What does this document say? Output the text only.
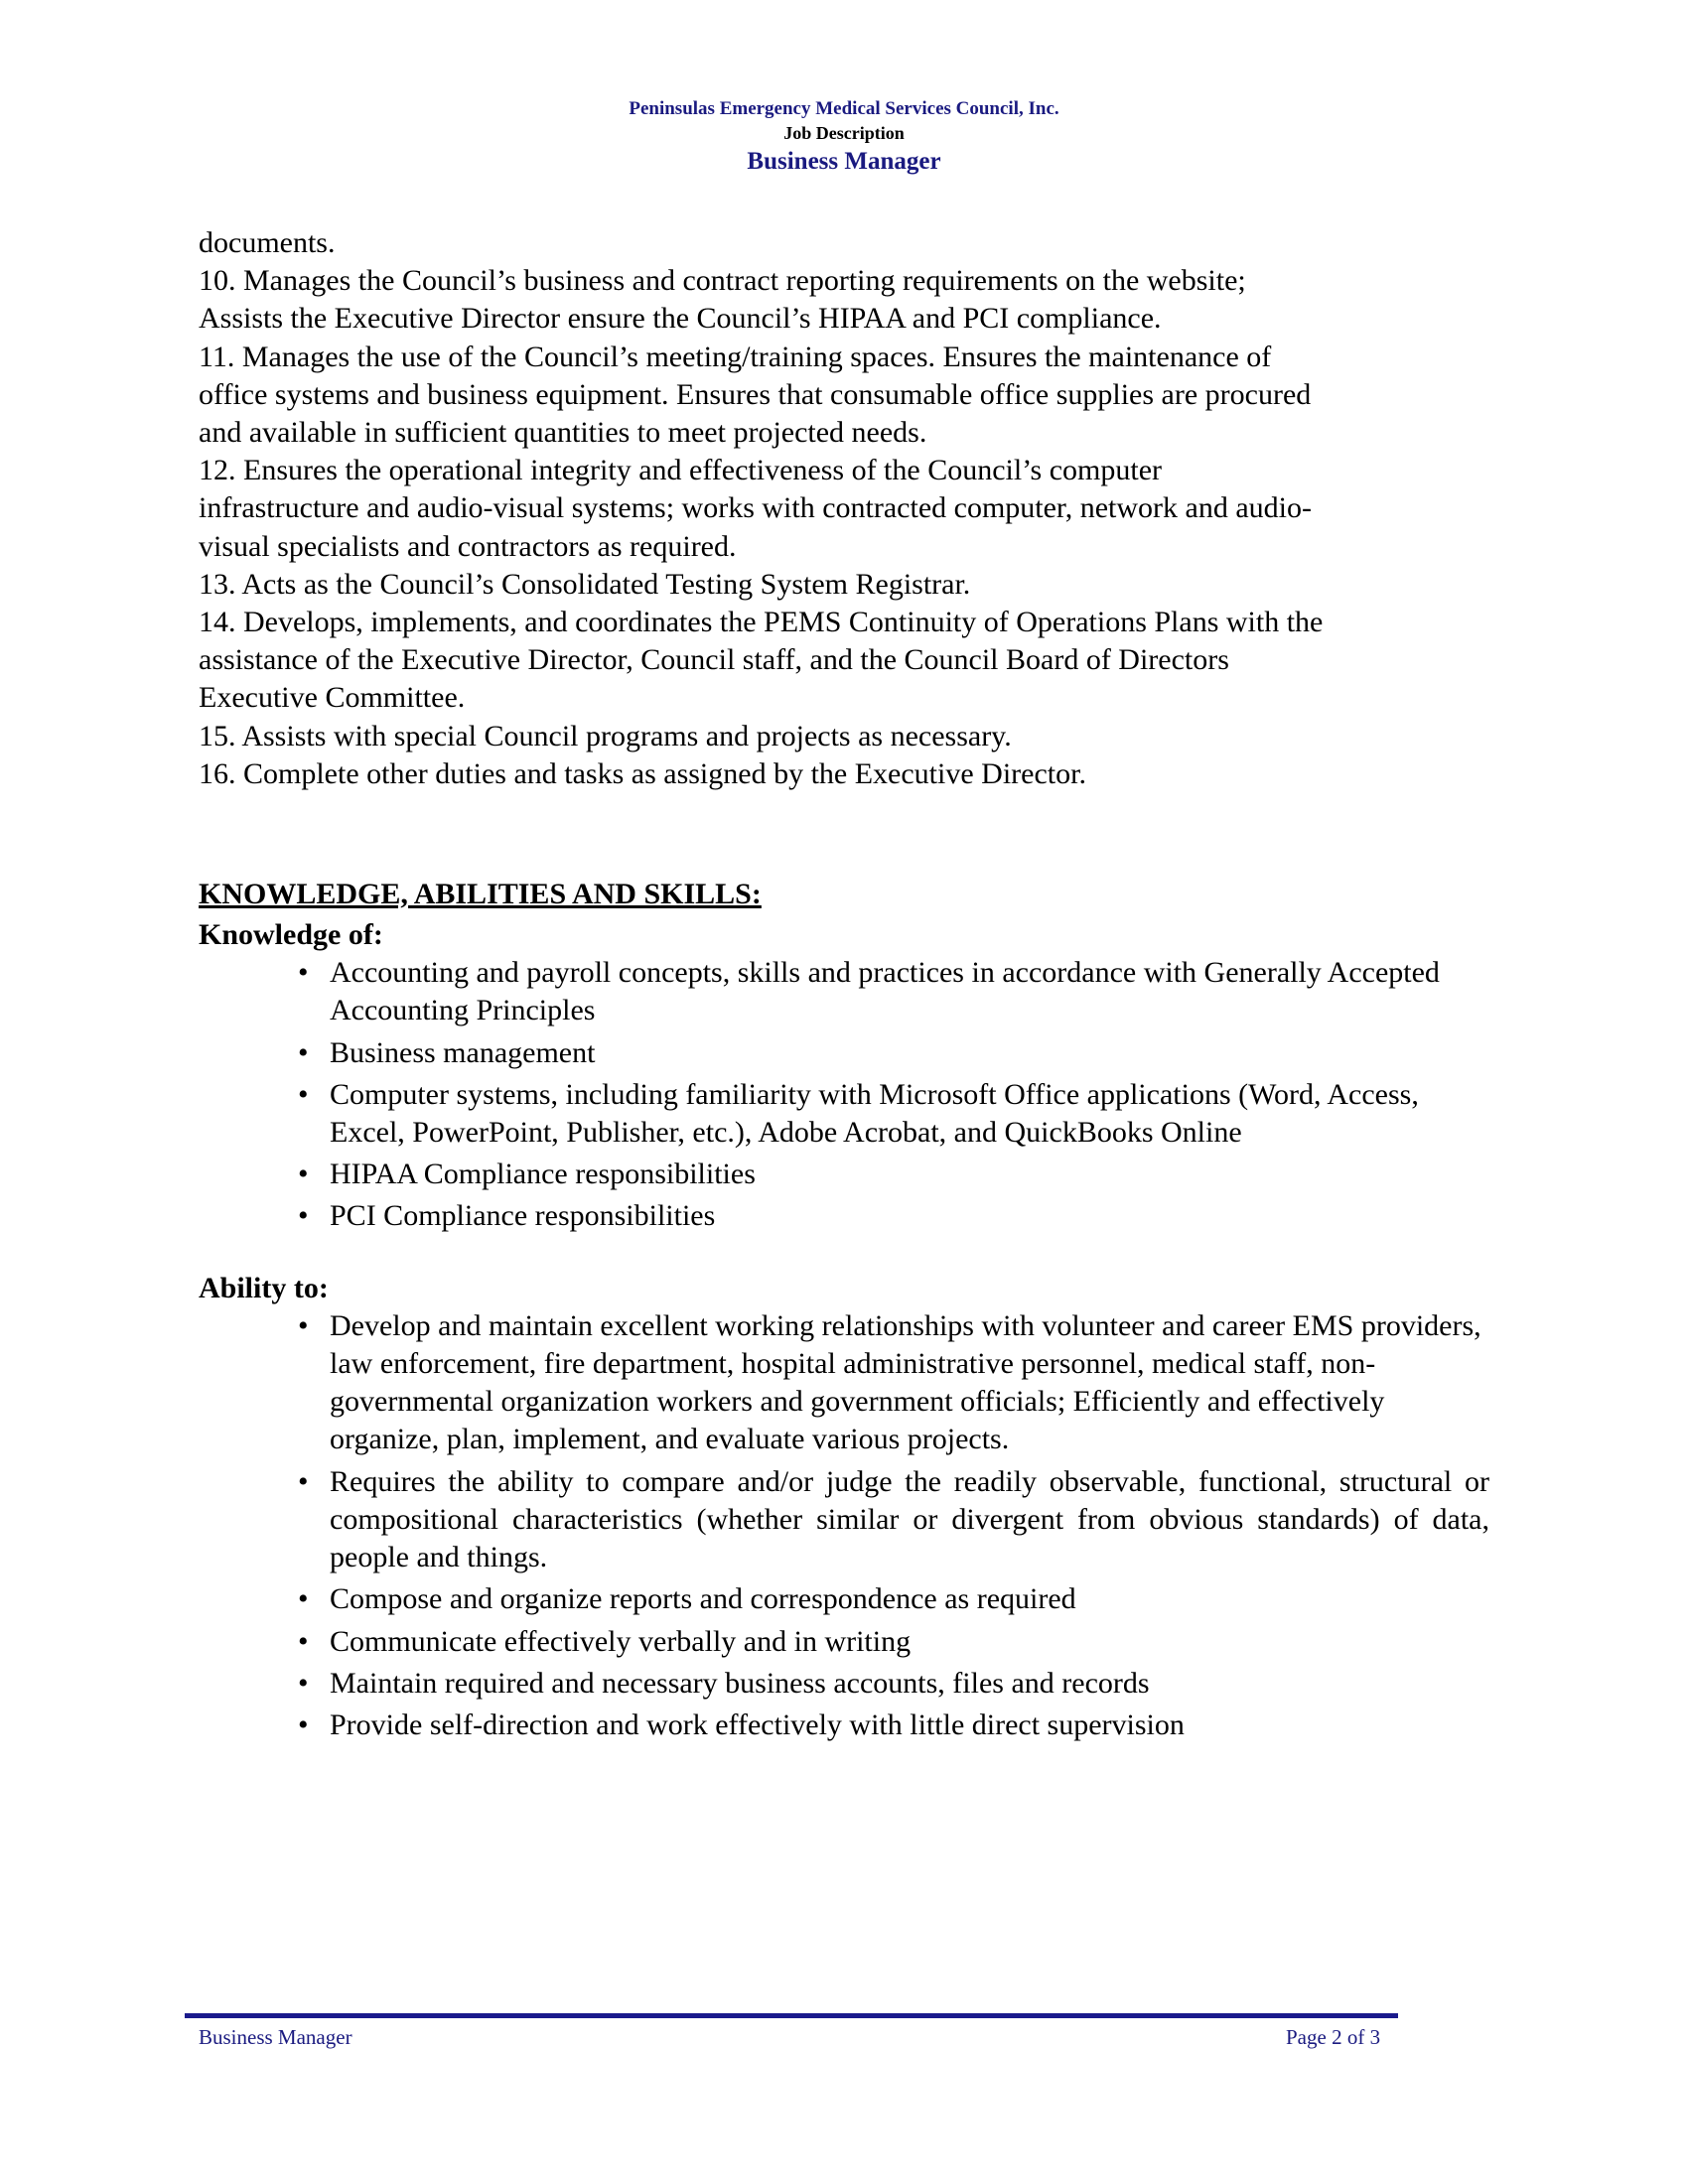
Peninsulas Emergency Medical Services Council, Inc.
Job Description
Business Manager

documents.

10. Manages the Council’s business and contract reporting requirements on the website;

Assists the Executive Director ensure the Council’s HIPAA and PCI compliance.

11. Manages the use of the Council’s meeting/training spaces. Ensures the maintenance of

office systems and business equipment. Ensures that consumable office supplies are procured

and available in sufficient quantities to meet projected needs.

12. Ensures the operational integrity and effectiveness of the Council’s computer

infrastructure and audio-visual systems; works with contracted computer, network and audio-

visual specialists and contractors as required.

13. Acts as the Council’s Consolidated Testing System Registrar.

14. Develops, implements, and coordinates the PEMS Continuity of Operations Plans with the

assistance of the Executive Director, Council staff, and the Council Board of Directors

Executive Committee.

15. Assists with special Council programs and projects as necessary.

16. Complete other duties and tasks as assigned by the Executive Director.

KNOWLEDGE, ABILITIES AND SKILLS:

Knowledge of:

• Accounting and payroll concepts, skills and practices in accordance with Generally Accepted Accounting Principles
• Business management
• Computer systems, including familiarity with Microsoft Office applications (Word, Access, Excel, PowerPoint, Publisher, etc.), Adobe Acrobat, and QuickBooks Online
• HIPAA Compliance responsibilities
• PCI Compliance responsibilities

Ability to:

• Develop and maintain excellent working relationships with volunteer and career EMS providers, law enforcement, fire department, hospital administrative personnel, medical staff, non-governmental organization workers and government officials; Efficiently and effectively organize, plan, implement, and evaluate various projects.
• Requires the ability to compare and/or judge the readily observable, functional, structural or compositional characteristics (whether similar or divergent from obvious standards) of data, people and things.
• Compose and organize reports and correspondence as required
• Communicate effectively verbally and in writing
• Maintain required and necessary business accounts, files and records
• Provide self-direction and work effectively with little direct supervision
Business Manager	Page 2 of 3
